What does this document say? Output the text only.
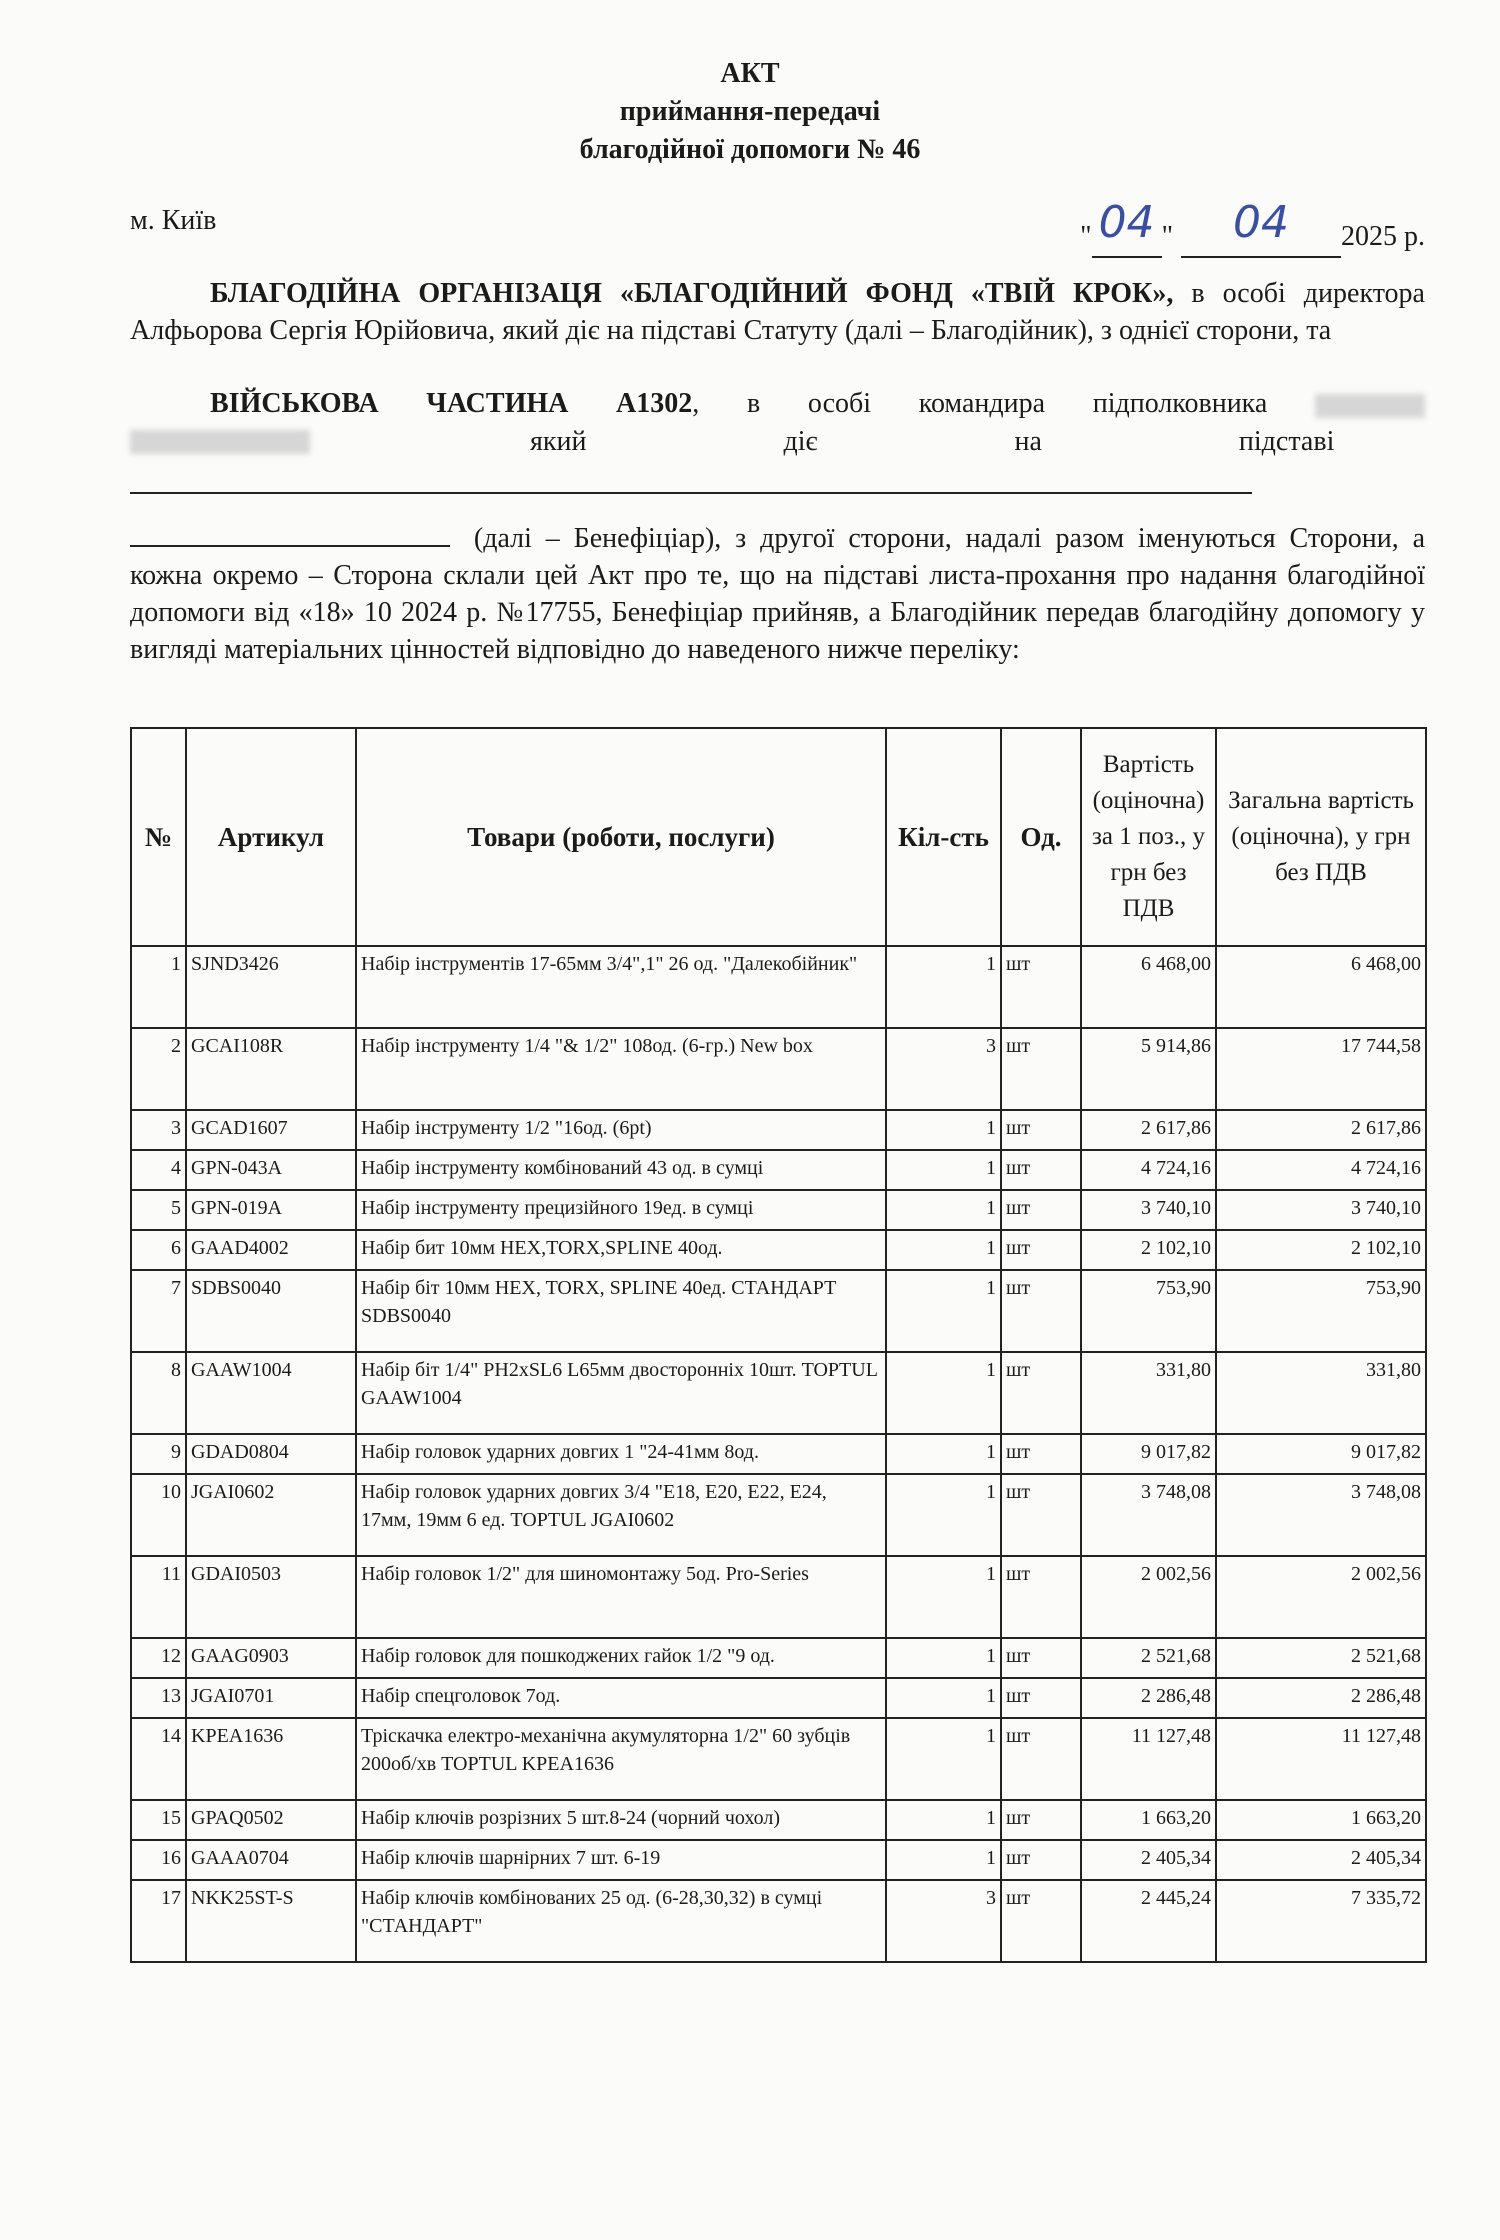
АКТ
приймання-передачі
благодійної допомоги № 46
м. Київ
" 04 " 04 2025 р.
БЛАГОДІЙНА ОРГАНІЗАЦЯ «БЛАГОДІЙНИЙ ФОНД «ТВІЙ КРОК», в особі директора Алфьорова Сергія Юрійовича, який діє на підставі Статуту (далі – Благодійник), з однієї сторони, та
ВІЙСЬКОВА ЧАСТИНА А1302, в особі командира підполковника
який діє на підставі
(далі – Бенефіціар), з другої сторони, надалі разом іменуються Сторони, а кожна окремо – Сторона склали цей Акт про те, що на підставі листа-прохання про надання благодійної допомоги від «18» 10 2024 р. №17755, Бенефіціар прийняв, а Благодійник передав благодійну допомогу у вигляді матеріальних цінностей відповідно до наведеного нижче переліку:
№	Артикул	Товари (роботи, послуги)	Кіл-сть	Од.	Вартість (оціночна) за 1 поз., у грн без ПДВ	Загальна вартість (оціночна), у грн без ПДВ
1	SJND3426	Набір інструментів 17-65мм 3/4",1" 26 од. "Далекобійник"	1	шт	6 468,00	6 468,00
2	GCAI108R	Набір інструменту 1/4 "& 1/2" 108од. (6-гр.) New box	3	шт	5 914,86	17 744,58
3	GCAD1607	Набір інструменту 1/2 "16од. (6pt)	1	шт	2 617,86	2 617,86
4	GPN-043A	Набір інструменту комбінований 43 од. в сумці	1	шт	4 724,16	4 724,16
5	GPN-019A	Набір інструменту прецизійного 19ед. в сумці	1	шт	3 740,10	3 740,10
6	GAAD4002	Набір бит 10мм HEX,TORX,SPLINE 40од.	1	шт	2 102,10	2 102,10
7	SDBS0040	Набір біт 10мм HEX, TORX, SPLINE 40ед. СТАНДАРТ SDBS0040	1	шт	753,90	753,90
8	GAAW1004	Набір біт 1/4" PH2xSL6 L65мм двосторонніх 10шт. TOPTUL GAAW1004	1	шт	331,80	331,80
9	GDAD0804	Набір головок ударних довгих 1 "24-41мм 8од.	1	шт	9 017,82	9 017,82
10	JGAI0602	Набір головок ударних довгих 3/4 "E18, E20, E22, E24, 17мм, 19мм 6 ед. TOPTUL JGAI0602	1	шт	3 748,08	3 748,08
11	GDAI0503	Набір головок 1/2" для шиномонтажу 5од. Pro-Series	1	шт	2 002,56	2 002,56
12	GAAG0903	Набір головок для пошкоджених гайок 1/2 "9 од.	1	шт	2 521,68	2 521,68
13	JGAI0701	Набір спецголовок 7од.	1	шт	2 286,48	2 286,48
14	KPEA1636	Тріскачка електро-механічна акумуляторна 1/2" 60 зубців 200об/хв TOPTUL KPEA1636	1	шт	11 127,48	11 127,48
15	GPAQ0502	Набір ключів розрізних 5 шт.8-24 (чорний чохол)	1	шт	1 663,20	1 663,20
16	GAAA0704	Набір ключів шарнірних 7 шт. 6-19	1	шт	2 405,34	2 405,34
17	NKK25ST-S	Набір ключів комбінованих 25 од. (6-28,30,32) в сумці "СТАНДАРТ"	3	шт	2 445,24	7 335,72
